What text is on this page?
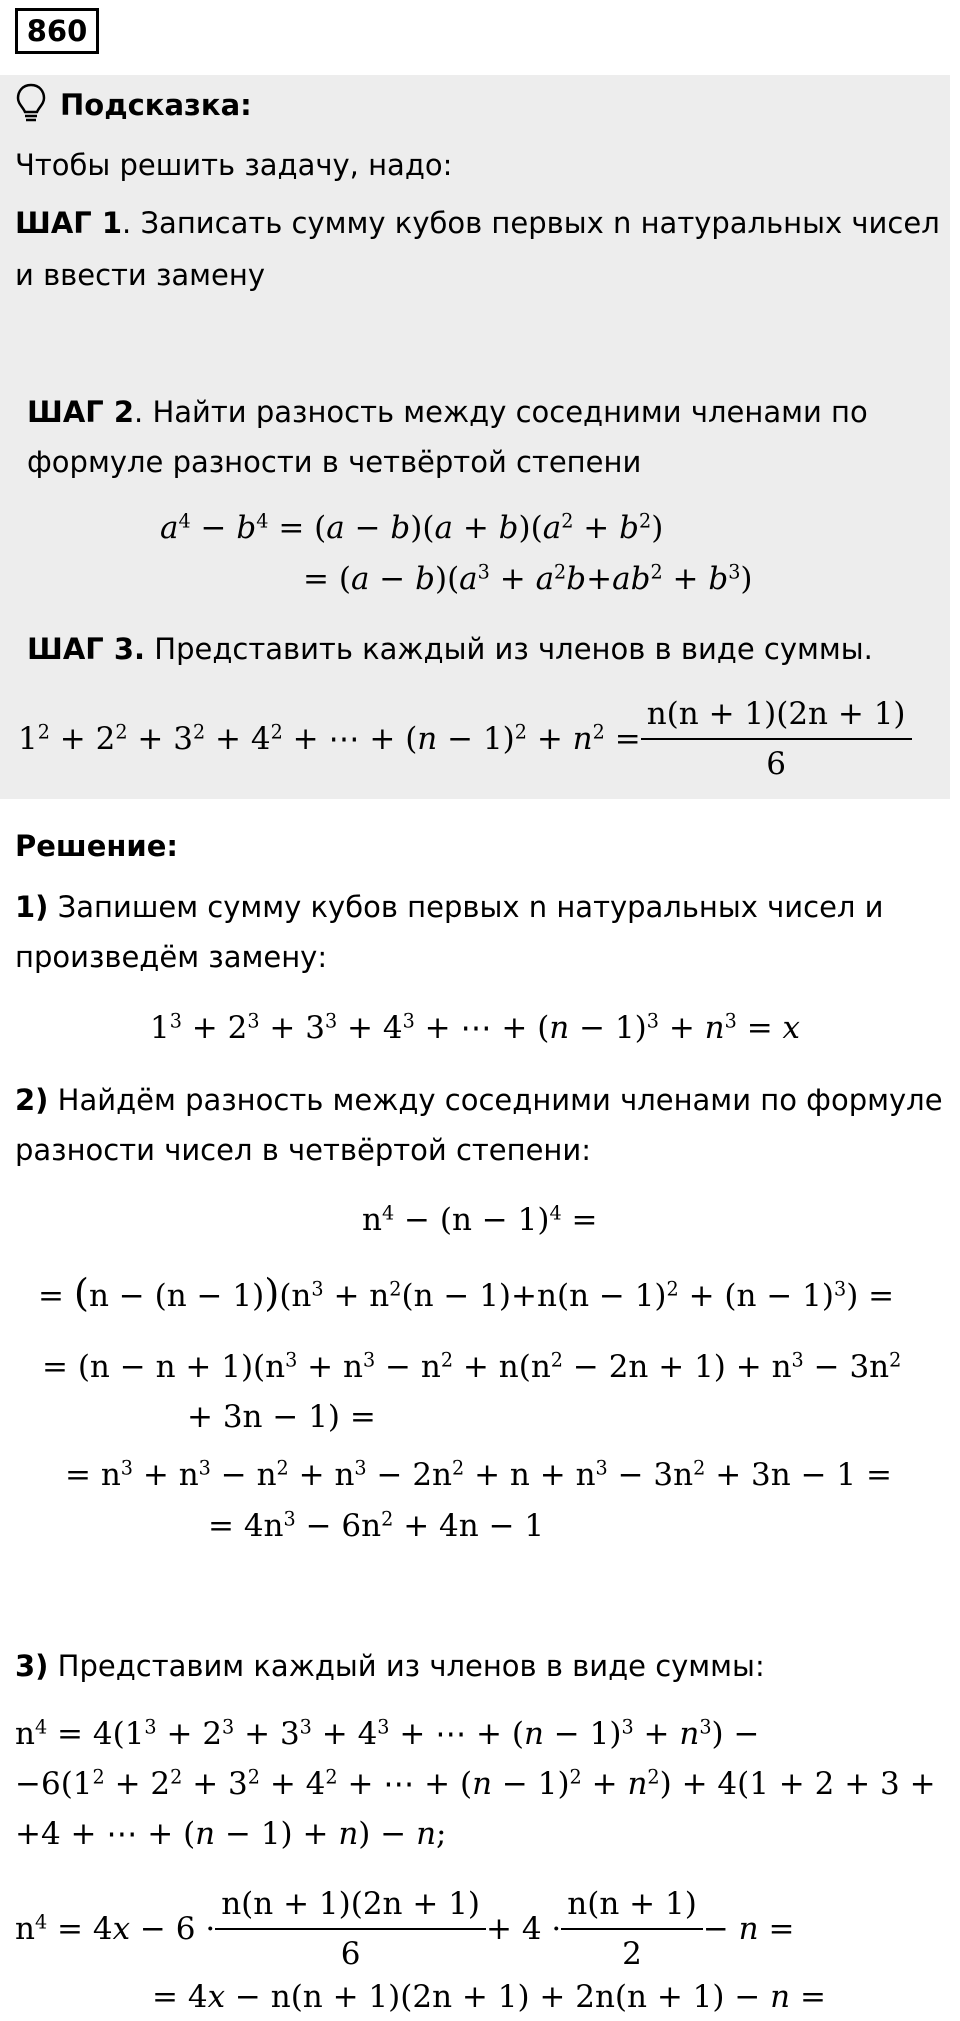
860
Подсказка:
Чтобы решить задачу, надо:
ШАГ 1. Записать сумму кубов первых n натуральных чисел
и ввести замену
ШАГ 2. Найти разность между соседними членами по
формуле разности в четвёртой степени
$a^4 - b^4 = (a - b)(a + b)(a^2 + b^2)$
= $(a - b)(a^3 + a^2b+ab^2 + b^3)$
ШАГ 3. Представить каждый из членов в виде суммы.
$1^2 + 2^2 + 3^2 + 4^2$ + ⋯ + $(n - 1)^2 + n^2 = \frac{n(n + 1)(2n + 1)}{6}$
Решение:
1) Запишем сумму кубов первых n натуральных чисел и
произведём замену:
$1^3 + 2^3 + 3^3 + 4^3$ + ⋯ + $(n - 1)^3 + n^3 = x$
2) Найдём разность между соседними членами по формуле
разности чисел в четвёртой степени:
$n^4 - (n - 1)^4$ =
= $(n - (n - 1))(n^3 + n^2(n - 1)+n(n - 1)^2 + (n - 1)^3)$ =
= $(n - n + 1)(n^3 + n^3 - n^2 + n(n^2 - 2n + 1) + n^3 - 3n^2$
+ 3n − 1) =
= $n^3 + n^3 - n^2 + n^3 - 2n^2 + n + n^3 - 3n^2 + 3n - 1$ =
= $4n^3 - 6n^2 + 4n - 1$
3) Представим каждый из членов в виде суммы:
$n^4 = 4(1^3 + 2^3 + 3^3 + 4^3$ + ⋯ + $(n - 1)^3 + n^3$) −
$-6(1^2 + 2^2 + 3^2 + 4^2$ + ⋯ + $(n - 1)^2 + n^2) + 4(1 + 2 + 3$ +
+4 + ⋯ + (n − 1) + n) − n;
$n^4 = 4x - 6 \cdot \frac{n(n + 1)(2n + 1)}{6} + 4 \cdot \frac{n(n + 1)}{2} - n$ =
= 4x − n(n + 1)(2n + 1) + 2n(n + 1) − n =
